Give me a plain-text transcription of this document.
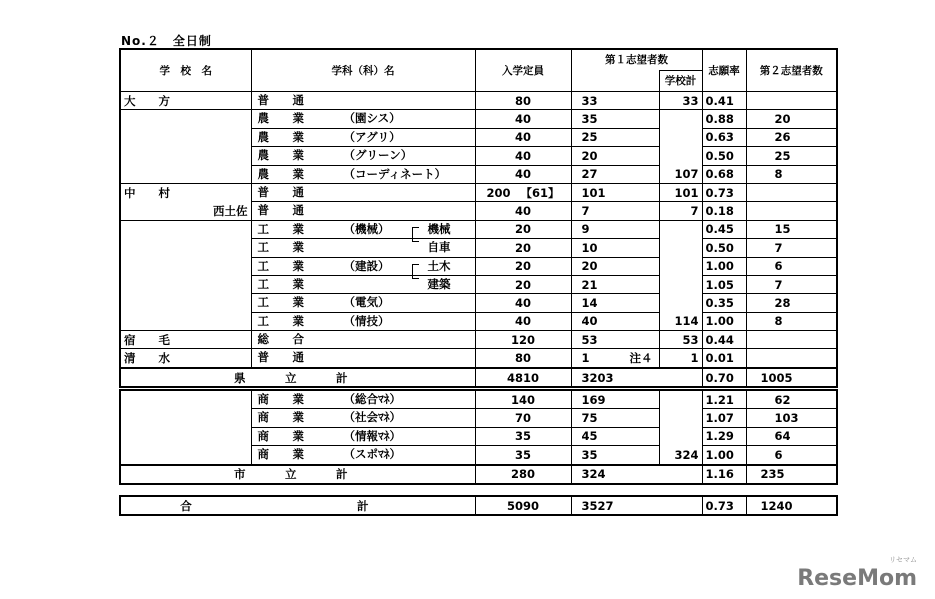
No.２　全日制
学　校　名	学科（科）名	入学定員	第１志望者数		志願率	第２志望者数
				学校計		
大　　方	普　通	80	33	33	0.41	

	農　業 （園シス）	40	35		0.88	20

	農　業 （アグリ）	40	25		0.63	26

	農　業 （グリーン）	40	20		0.50	25

	農　業 （コーディネート）	40	27	107	0.68	8
中　　村	普　通	200 【61】	101	101	0.73	
西土佐	普　通	40	7	7	0.18	

	工　業 （機械） 機械	20	9		0.45	15

	工　業 自車	20	10		0.50	7

	工　業 （建設） 土木	20	20		1.00	6

	工　業 建築	20	21		1.05	7

	工　業 （電気）	40	14		0.35	28

	工　業 （情技）	40	40	114	1.00	8
宿　　毛	総　合	120	53	53	0.44	
清　　水	普　通	80	1 注４	1	0.01	
県　立　計		4810	3203		0.70	1005

	商　業 （総合ﾏﾈ）	140	169		1.21	62

	商　業 （社会ﾏﾈ）	70	75		1.07	103

	商　業 （情報ﾏﾈ）	35	45		1.29	64

	商　業 （スポﾏﾈ）	35	35	324	1.00	6
市　立　計		280	324		1.16	235
合	計	5090	3527		0.73	1240
リセマム
ReseMom
